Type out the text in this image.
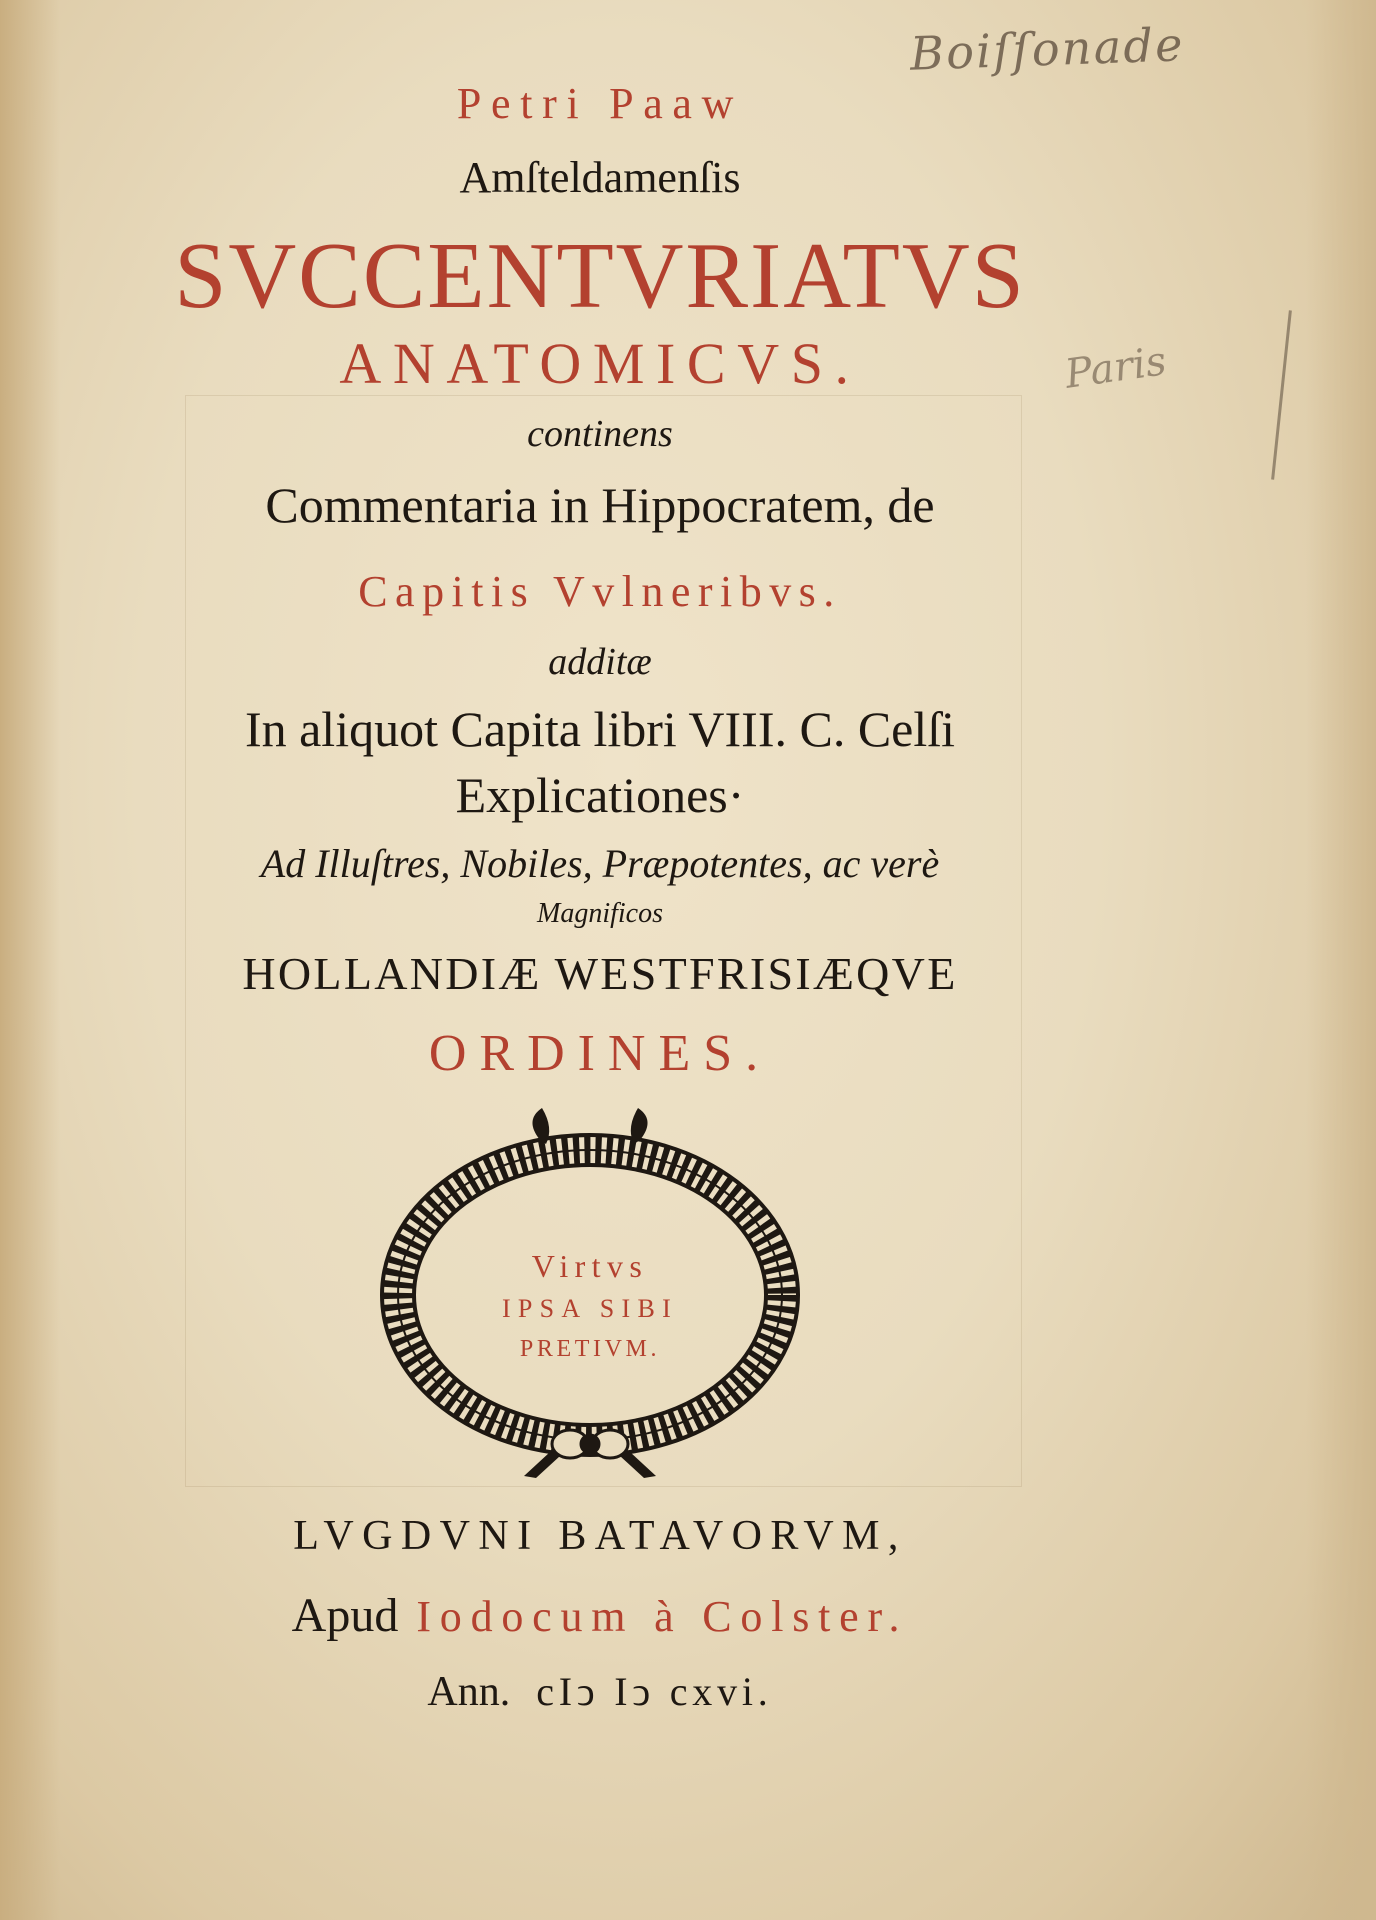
Boiſſonade
Paris
Petri Paaw
Amſteldamenſis
SVCCENTVRIATVS
ANATOMICVS.
continens
Commentaria in Hippocratem, de
Capitis Vvlneribvs.
additæ
In aliquot Capita libri VIII. C. Celſi
Explicationes·
Ad Illuſtres, Nobiles, Præpotentes, ac verè
Magnificos
HOLLANDIÆ WESTFRISIÆQVE
ORDINES.
Virtvs
IPSA SIBI
PRETIVM.
LVGDVNI BATAVORVM,
Apud Iodocum à Colster.
Ann. cIↄ Iↄ cxvi.
